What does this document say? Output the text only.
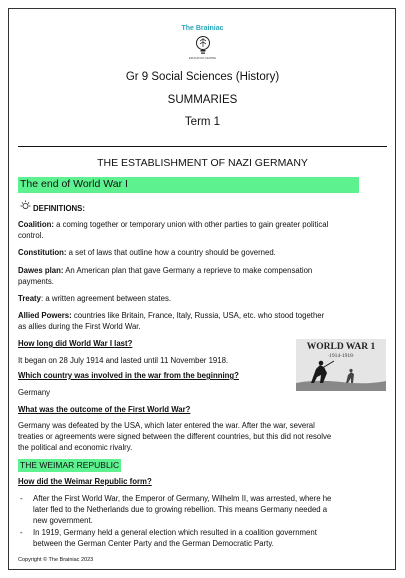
The Brainiac
EDUCATION CENTRE
Gr 9 Social Sciences (History)
SUMMARIES
Term 1
THE ESTABLISHMENT OF NAZI GERMANY
The end of World War I
DEFINITIONS:
Coalition: a coming together or temporary union with other parties to gain greater political
control.
Constitution: a set of laws that outline how a country should be governed.
Dawes plan: An American plan that gave Germany a reprieve to make compensation
payments.
Treaty: a written agreement between states.
Allied Powers: countries like Britain, France, Italy, Russia, USA, etc. who stood together
as allies during the First World War.
How long did World War I last?
It began on 28 July 1914 and lasted until 11 November 1918.
WORLD WAR 1
·1914-1918·
Which country was involved in the war from the beginning?
Germany
What was the outcome of the First World War?
Germany was defeated by the USA, which later entered the war. After the war, several
treaties or agreements were signed between the different countries, but this did not resolve
the political and economic rivalry.
THE WEIMAR REPUBLIC
How did the Weimar Republic form?
- After the First World War, the Emperor of Germany, Wilhelm II, was arrested, where he
later fled to the Netherlands due to growing rebellion. This means Germany needed a
new government.
- In 1919, Germany held a general election which resulted in a coalition government
between the German Center Party and the German Democratic Party.
Copyright © The Brainiac 2023
